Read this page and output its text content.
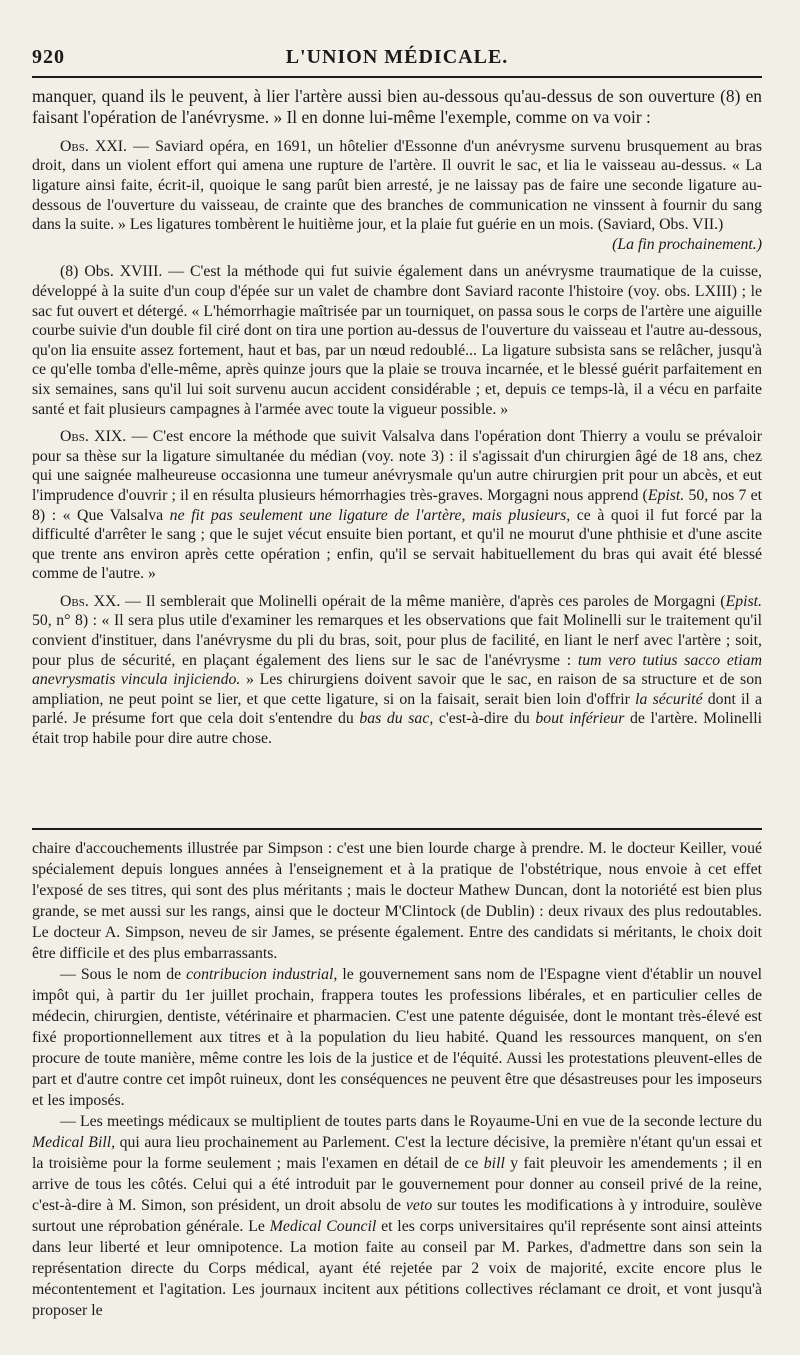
920	L'UNION MÉDICALE.

manquer, quand ils le peuvent, à lier l'artère aussi bien au-dessous qu'au-dessus de son ouverture (8) en faisant l'opération de l'anévrysme. » Il en donne lui-même l'exemple, comme on va voir :

Obs. XXI. — Saviard opéra, en 1691, un hôtelier d'Essonne d'un anévrysme survenu brusquement au bras droit, dans un violent effort qui amena une rupture de l'artère. Il ouvrit le sac, et lia le vaisseau au-dessus. « La ligature ainsi faite, écrit-il, quoique le sang parût bien arresté, je ne laissay pas de faire une seconde ligature au-dessous de l'ouverture du vaisseau, de crainte que des branches de communication ne vinssent à fournir du sang dans la suite. » Les ligatures tombèrent le huitième jour, et la plaie fut guérie en un mois. (Saviard, Obs. VII.)
(La fin prochainement.)

(8) Obs. XVIII. — C'est la méthode qui fut suivie également dans un anévrysme traumatique de la cuisse, développé à la suite d'un coup d'épée sur un valet de chambre dont Saviard raconte l'histoire (voy. obs. LXIII) ; le sac fut ouvert et détergé. « L'hémorrhagie maîtrisée par un tourniquet, on passa sous le corps de l'artère une aiguille courbe suivie d'un double fil ciré dont on tira une portion au-dessus de l'ouverture du vaisseau et l'autre au-dessous, qu'on lia ensuite assez fortement, haut et bas, par un nœud redoublé... La ligature subsista sans se relâcher, jusqu'à ce qu'elle tomba d'elle-même, après quinze jours que la plaie se trouva incarnée, et le blessé guérit parfaitement en six semaines, sans qu'il lui soit survenu aucun accident considérable ; et, depuis ce temps-là, il a vécu en parfaite santé et fait plusieurs campagnes à l'armée avec toute la vigueur possible. »

Obs. XIX. — C'est encore la méthode que suivit Valsalva dans l'opération dont Thierry a voulu se prévaloir pour sa thèse sur la ligature simultanée du médian (voy. note 3) : il s'agissait d'un chirurgien âgé de 18 ans, chez qui une saignée malheureuse occasionna une tumeur anévrysmale qu'un autre chirurgien prit pour un abcès, et eut l'imprudence d'ouvrir ; il en résulta plusieurs hémorrhagies très-graves. Morgagni nous apprend (Epist. 50, nos 7 et 8) : « Que Valsalva ne fit pas seulement une ligature de l'artère, mais plusieurs, ce à quoi il fut forcé par la difficulté d'arrêter le sang ; que le sujet vécut ensuite bien portant, et qu'il ne mourut d'une phthisie et d'une ascite que trente ans environ après cette opération ; enfin, qu'il se servait habituellement du bras qui avait été blessé comme de l'autre. »

Obs. XX. — Il semblerait que Molinelli opérait de la même manière, d'après ces paroles de Morgagni (Epist. 50, n° 8) : « Il sera plus utile d'examiner les remarques et les observations que fait Molinelli sur le traitement qu'il convient d'instituer, dans l'anévrysme du pli du bras, soit, pour plus de facilité, en liant le nerf avec l'artère ; soit, pour plus de sécurité, en plaçant également des liens sur le sac de l'anévrysme : tum vero tutius sacco etiam anevrysmatis vincula injiciendo. » Les chirurgiens doivent savoir que le sac, en raison de sa structure et de son ampliation, ne peut point se lier, et que cette ligature, si on la faisait, serait bien loin d'offrir la sécurité dont il a parlé. Je présume fort que cela doit s'entendre du bas du sac, c'est-à-dire du bout inférieur de l'artère. Molinelli était trop habile pour dire autre chose.

chaire d'accouchements illustrée par Simpson : c'est une bien lourde charge à prendre. M. le docteur Keiller, voué spécialement depuis longues années à l'enseignement et à la pratique de l'obstétrique, nous envoie à cet effet l'exposé de ses titres, qui sont des plus méritants ; mais le docteur Mathew Duncan, dont la notoriété est bien plus grande, se met aussi sur les rangs, ainsi que le docteur M'Clintock (de Dublin) : deux rivaux des plus redoutables. Le docteur A. Simpson, neveu de sir James, se présente également. Entre des candidats si méritants, le choix doit être difficile et des plus embarrassants.

— Sous le nom de contribucion industrial, le gouvernement sans nom de l'Espagne vient d'établir un nouvel impôt qui, à partir du 1er juillet prochain, frappera toutes les professions libérales, et en particulier celles de médecin, chirurgien, dentiste, vétérinaire et pharmacien. C'est une patente déguisée, dont le montant très-élevé est fixé proportionnellement aux titres et à la population du lieu habité. Quand les ressources manquent, on s'en procure de toute manière, même contre les lois de la justice et de l'équité. Aussi les protestations pleuvent-elles de part et d'autre contre cet impôt ruineux, dont les conséquences ne peuvent être que désastreuses pour les imposeurs et les imposés.

— Les meetings médicaux se multiplient de toutes parts dans le Royaume-Uni en vue de la seconde lecture du Medical Bill, qui aura lieu prochainement au Parlement. C'est la lecture décisive, la première n'étant qu'un essai et la troisième pour la forme seulement ; mais l'examen en détail de ce bill y fait pleuvoir les amendements ; il en arrive de tous les côtés. Celui qui a été introduit par le gouvernement pour donner au conseil privé de la reine, c'est-à-dire à M. Simon, son président, un droit absolu de veto sur toutes les modifications à y introduire, soulève surtout une réprobation générale. Le Medical Council et les corps universitaires qu'il représente sont ainsi atteints dans leur liberté et leur omnipotence. La motion faite au conseil par M. Parkes, d'admettre dans son sein la représentation directe du Corps médical, ayant été rejetée par 2 voix de majorité, excite encore plus le mécontentement et l'agitation. Les journaux incitent aux pétitions collectives réclamant ce droit, et vont jusqu'à proposer le
